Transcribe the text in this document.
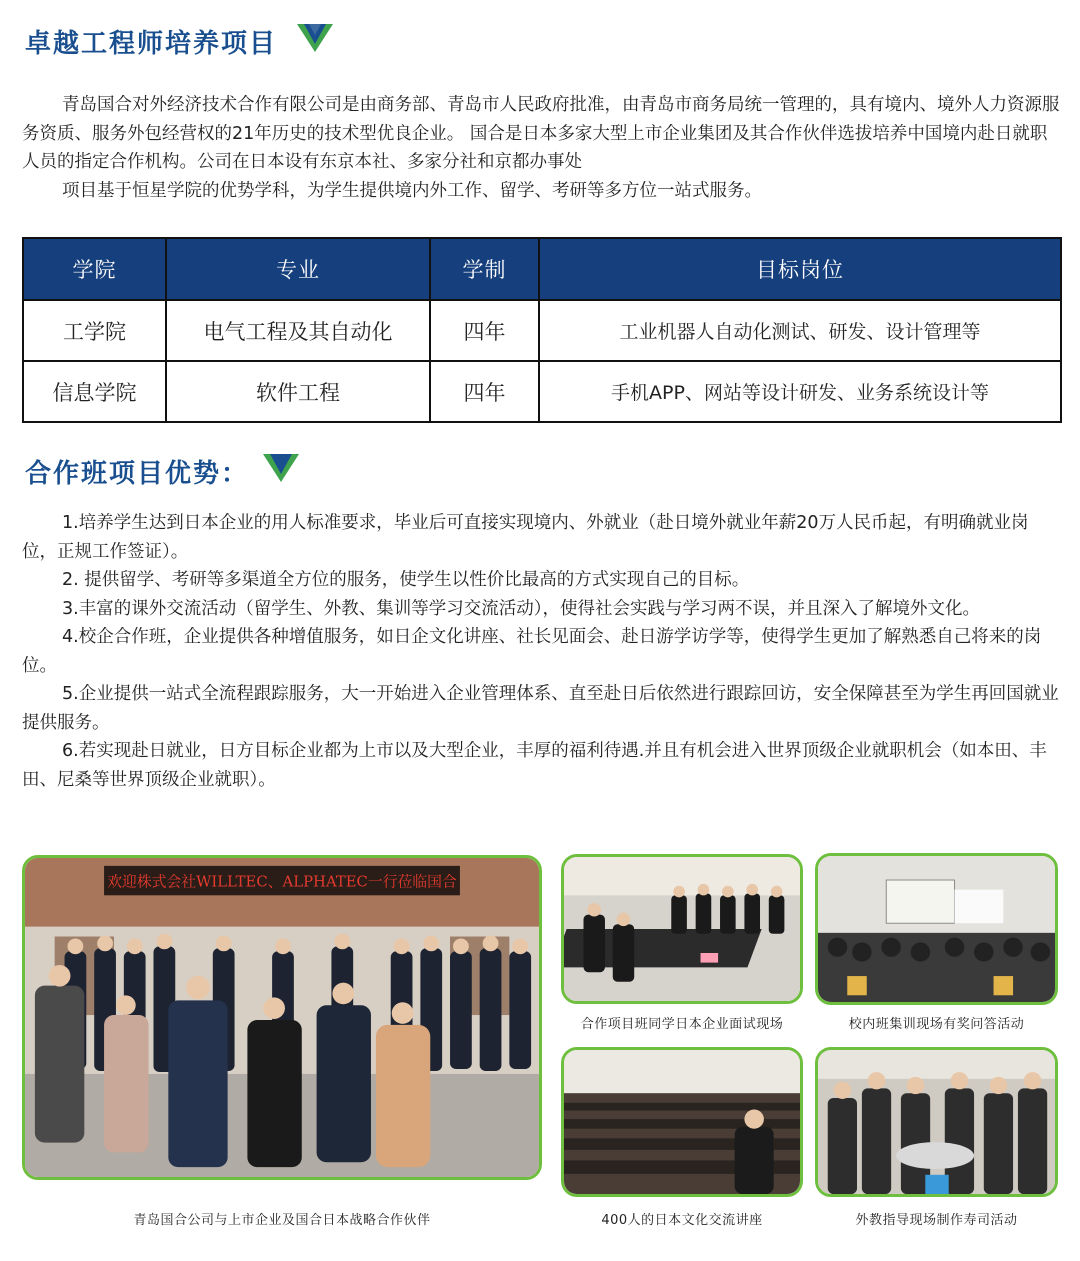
卓越工程师培养项目

青岛国合对外经济技术合作有限公司是由商务部、青岛市人民政府批准，由青岛市商务局统一管理的，具有境内、境外人力资源服务资质、服务外包经营权的21年历史的技术型优良企业。 国合是日本多家大型上市企业集团及其合作伙伴选拔培养中国境内赴日就职人员的指定合作机构。公司在日本设有东京本社、多家分社和京都办事处

项目基于恒星学院的优势学科，为学生提供境内外工作、留学、考研等多方位一站式服务。

学院	专业	学制	目标岗位
工学院	电气工程及其自动化	四年	工业机器人自动化测试、研发、设计管理等
信息学院	软件工程	四年	手机APP、网站等设计研发、业务系统设计等
合作班项目优势：

1.培养学生达到日本企业的用人标准要求，毕业后可直接实现境内、外就业（赴日境外就业年薪20万人民币起，有明确就业岗位，正规工作签证）。

2. 提供留学、考研等多渠道全方位的服务，使学生以性价比最高的方式实现自己的目标。

3.丰富的课外交流活动（留学生、外教、集训等学习交流活动），使得社会实践与学习两不误，并且深入了解境外文化。

4.校企合作班，企业提供各种增值服务，如日企文化讲座、社长见面会、赴日游学访学等，使得学生更加了解熟悉自己将来的岗位。

5.企业提供一站式全流程跟踪服务，大一开始进入企业管理体系、直至赴日后依然进行跟踪回访，安全保障甚至为学生再回国就业提供服务。

6.若实现赴日就业，日方目标企业都为上市以及大型企业，丰厚的福利待遇.并且有机会进入世界顶级企业就职机会（如本田、丰田、尼桑等世界顶级企业就职）。

欢迎株式会社WILLTEC、ALPHATEC一行莅临国合
合作项目班同学日本企业面试现场	校内班集训现场有奖问答活动
400人的日本文化交流讲座	外教指导现场制作寿司活动
青岛国合公司与上市企业及国合日本战略合作伙伴
